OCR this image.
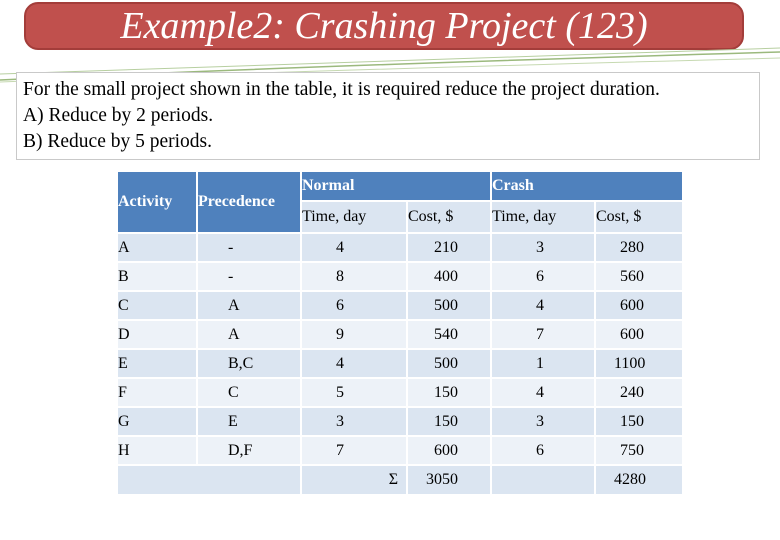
Example2: Crashing Project (123)
For the small project shown in the table, it is required reduce the project duration.
A) Reduce by 2 periods.
B) Reduce by 5 periods.
Activity	Precedence	Normal		Crash	
		Time, day	Cost, $	Time, day	Cost, $
A	-	4	210	3	280
B	-	8	400	6	560
C	A	6	500	4	600
D	A	9	540	7	600
E	B,C	4	500	1	1100
F	C	5	150	4	240
G	E	3	150	3	150
H	D,F	7	600	6	750
		Σ	3050		4280
